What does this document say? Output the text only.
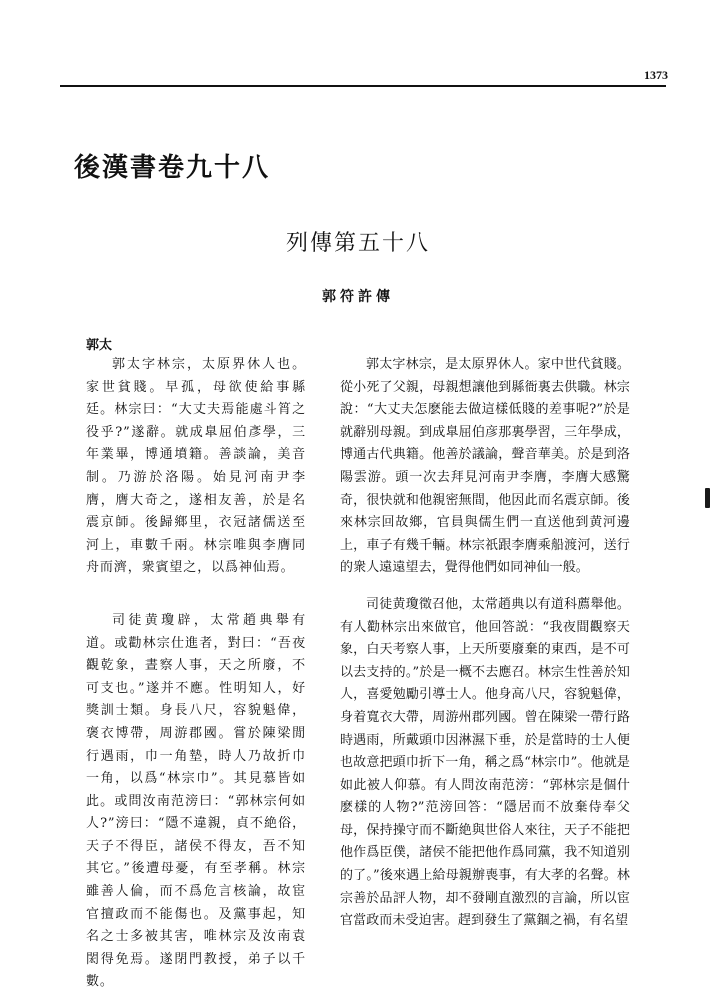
1373
後漢書卷九十八
列傳第五十八
郭符許傳
郭太

郭太字林宗，太原界休人也。家世貧賤。早孤，母欲使給事縣廷。林宗曰：“大丈夫焉能處斗筲之役乎?”遂辭。就成臯屈伯彥學，三年業畢，博通墳籍。善談論，美音制。乃游於洛陽。始見河南尹李膺，膺大奇之，遂相友善，於是名震京師。後歸鄉里，衣冠諸儒送至河上，車數千兩。林宗唯與李膺同舟而濟，衆賓望之，以爲神仙焉。

司徒黄瓊辟，太常趙典舉有道。或勸林宗仕進者，對曰：“吾夜觀乾象，晝察人事，天之所廢，不可支也。”遂并不應。性明知人，好獎訓士類。身長八尺，容貌魁偉，褒衣博帶，周游郡國。嘗於陳梁閒行遇雨，巾一角墊，時人乃故折巾一角，以爲“林宗巾”。其見慕皆如此。或問汝南范滂曰：“郭林宗何如人?”滂曰：“隱不違親，貞不絶俗，天子不得臣，諸侯不得友，吾不知其它。”後遭母憂，有至孝稱。林宗雖善人倫，而不爲危言核論，故宦官擅政而不能傷也。及黨事起，知名之士多被其害，唯林宗及汝南袁閎得免焉。遂閉門教授，弟子以千數。

郭太字林宗，是太原界休人。家中世代貧賤。從小死了父親，母親想讓他到縣衙裏去供職。林宗說：“大丈夫怎麽能去做這樣低賤的差事呢?”於是就辭别母親。到成臯屈伯彦那裏學習，三年學成，博通古代典籍。他善於議論，聲音華美。於是到洛陽雲游。頭一次去拜見河南尹李膺，李膺大感驚奇，很快就和他親密無間，他因此而名震京師。後來林宗回故鄉，官員與儒生們一直送他到黄河邊上，車子有幾千輛。林宗祇跟李膺乘船渡河，送行的衆人遠遠望去，覺得他們如同神仙一般。

司徒黄瓊徵召他，太常趙典以有道科薦舉他。有人勸林宗出來做官，他回答説：“我夜間觀察天象，白天考察人事，上天所要廢棄的東西，是不可以去支持的。”於是一概不去應召。林宗生性善於知人，喜愛勉勵引導士人。他身高八尺，容貌魁偉，身着寬衣大帶，周游州郡列國。曾在陳梁一帶行路時遇雨，所戴頭巾因淋濕下垂，於是當時的士人便也故意把頭巾折下一角，稱之爲“林宗巾”。他就是如此被人仰慕。有人問汝南范滂：“郭林宗是個什麽樣的人物?”范滂回答：“隱居而不放棄侍奉父母，保持操守而不斷絶與世俗人來往，天子不能把他作爲臣僕，諸侯不能把他作爲同黨，我不知道别的了。”後來遇上給母親辦喪事，有大孝的名聲。林宗善於品評人物，却不發剛直激烈的言論，所以宦官當政而未受迫害。趕到發生了黨錮之禍，有名望
